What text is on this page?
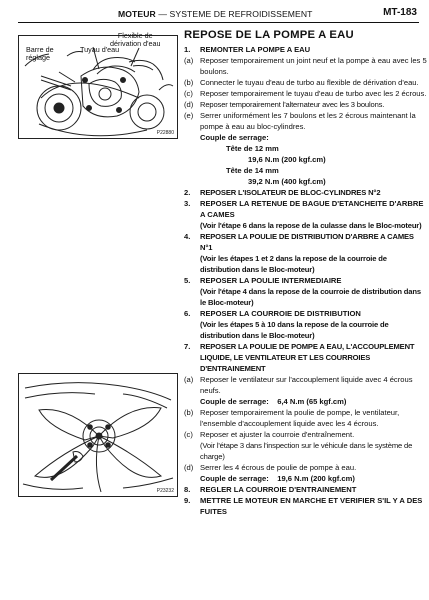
MOTEUR — SYSTEME DE REFROIDISSEMENT	MT-183
P22880
Barre de
réglage
Tuyau d'eau
Flexible de
dérivation d'eau
P23232
REPOSE DE LA POMPE A EAU
1.	REMONTER LA POMPE A EAU
(a) Reposer temporairement un joint neuf et la pompe à eau avec les 5 boulons.
(b) Connecter le tuyau d'eau de turbo au flexible de dérivation d'eau.
(c) Reposer temporairement le tuyau d'eau de turbo avec les 2 écrous.
(d) Reposer temporairement l'alternateur avec les 3 boulons.
(e) Serrer uniformément les 7 boulons et les 2 écrous maintenant la pompe à eau au bloc-cylindres.
Couple de serrage:
Tête de 12 mm
19,6 N.m (200 kgf.cm)
Tête de 14 mm
39,2 N.m (400 kgf.cm)
2.	REPOSER L'ISOLATEUR DE BLOC-CYLINDRES N°2
3.	REPOSER LA RETENUE DE BAGUE D'ETANCHEITE D'ARBRE A CAMES
(Voir l'étape 6 dans la repose de la culasse dans le Bloc-moteur)
4.	REPOSER LA POULIE DE DISTRIBUTION D'ARBRE A CAMES N°1
(Voir les étapes 1 et 2 dans la repose de la courroie de distribution dans le Bloc-moteur)
5.	REPOSER LA POULIE INTERMEDIAIRE
(Voir l'étape 4 dans la repose de la courroie de distribution dans le Bloc-moteur)
6.	REPOSER LA COURROIE DE DISTRIBUTION
(Voir les étapes 5 à 10 dans la repose de la courroie de distribution dans le Bloc-moteur)
7.	REPOSER LA POULIE DE POMPE A EAU, L'ACCOUPLEMENT LIQUIDE, LE VENTILATEUR ET LES COURROIES D'ENTRAINEMENT
(a) Reposer le ventilateur sur l'accouplement liquide avec 4 écrous neufs.
Couple de serrage:    6,4 N.m (65 kgf.cm)
(b) Reposer temporairement la poulie de pompe, le ventilateur, l'ensemble d'accouplement liquide avec les 4 écrous.
(c) Reposer et ajuster la courroie d'entraînement.
(Voir l'étape 3 dans l'inspection sur le véhicule dans le système de charge)
(d) Serrer les 4 écrous de poulie de pompe à eau.
Couple de serrage:    19,6 N.m (200 kgf.cm)
8.	REGLER LA COURROIE D'ENTRAINEMENT
9.	METTRE LE MOTEUR EN MARCHE ET VERIFIER S'IL Y A DES FUITES
